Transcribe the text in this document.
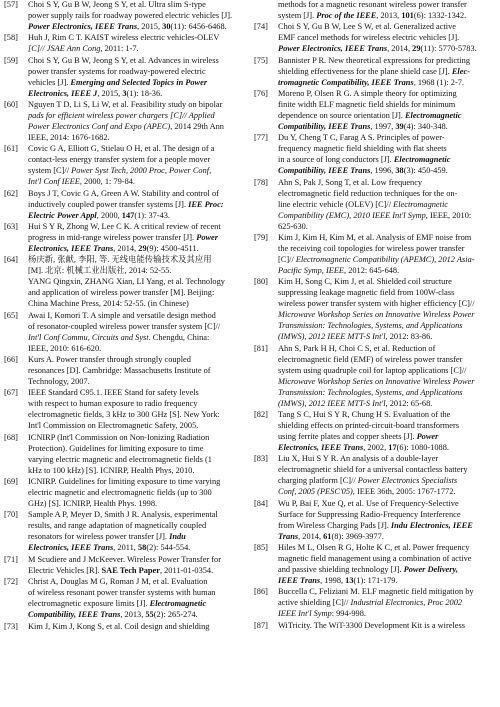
[57]	Choi S Y, Gu B W, Jeong S Y, et al. Ultra slim S-type
power supply rails for roadway powered electric vehicles [J].
Power Electronics, IEEE Trans, 2015, 30(11): 6456-6468.
[58]	Huh J, Rim C T. KAIST wireless electric vehicles-OLEV
[C]// JSAE Ann Cong, 2011: 1-7.
[59]	Choi S Y, Gu B W, Jeong S Y, et al. Advances in wireless
power transfer systems for roadway-powered electric
vehicles [J]. Emerging and Selected Topics in Power
Electronics, IEEE J, 2015, 3(1): 18-36.
[60]	Nguyen T D, Li S, Li W, et al. Feasibility study on bipolar
pads for efficient wireless power chargers [C]// Applied
Power Electronics Conf and Expo (APEC), 2014 29th Ann
IEEE, 2014: 1676-1682.
[61]	Covic G A, Elliott G, Stielau O H, et al. The design of a
contact-less energy transfer system for a people mover
system [C]// Power Syst Tech, 2000 Proc, Power Conf,
Int'l Conf IEEE, 2000, 1: 79-84.
[62]	Boys J T, Covic G A, Green A W. Stability and control of
inductively coupled power transfer systems [J]. IEE Proc:
Electric Power Appl, 2000, 147(1): 37-43.
[63]	Hui S Y R, Zhong W, Lee C K. A critical review of recent
progress in mid-range wireless power transfer [J]. Power
Electronics, IEEE Trans, 2014, 29(9): 4500-4511.
[64]	杨庆新, 张献, 李阳, 等. 无线电能传输技术及其应用
[M]. 北京: 机械工业出版社, 2014: 52-55.
YANG Qingxin, ZHANG Xian, LI Yang, et al. Technology
and application of wireless power transfer [M]. Beijing:
China Machine Press, 2014: 52-55. (in Chinese)
[65]	Awai I, Komori T. A simple and versatile design method
of resonator-coupled wireless power transfer system [C]//
Int'l Conf Commu, Circuits and Syst. Chengdu, China:
IEEE, 2010: 616-620.
[66]	Kurs A. Power transfer through strongly coupled
resonances [D]. Cambridge: Massachusetts Institute of
Technology, 2007.
[67]	IEEE Standard C95.1. IEEE Stand for safety levels
with respect to human exposure to radio frequency
electromagnetic fields, 3 kHz to 300 GHz [S]. New York:
Int'l Commission on Electromagnetic Safety, 2005.
[68]	ICNIRP (Int'l Commission on Non-Ionizing Radiation
Protection). Guidelines for limiting exposure to time
varying electric magnetic and electromagnetic fields (1
kHz to 100 kHz) [S]. ICNIRP, Health Phys, 2010.
[69]	ICNIRP. Guidelines for limiting exposure to time varying
electric magnetic and electromagnetic fields (up to 300
GHz) [S]. ICNIRP, Health Phys. 1998.
[70]	Sample A P, Meyer D, Smith J R. Analysis, experimental
results, and range adaptation of magnetically coupled
resonators for wireless power transfer [J]. Indu
Electronics, IEEE Trans, 2011, 58(2): 544-554.
[71]	M Scudiere and J McKeever. Wireless Power Transfer for
Electric Vehicles [R]. SAE Tech Paper, 2011-01-0354.
[72]	Christ A, Douglas M G, Roman J M, et al. Evaluation
of wireless resonant power transfer systems with human
electromagnetic exposure limits [J]. Electromagnetic
Compatibility, IEEE Trans, 2013, 55(2): 265-274.
[73]	Kim J, Kim J, Kong S, et al. Coil design and shielding
methods for a magnetic resonant wireless power transfer
system [J]. Proc of the IEEE, 2013, 101(6): 1332-1342.
[74]	Choi S Y, Gu B W, Lee S W, et al. Generalized active
EMF cancel methods for wireless electric vehicles [J].
Power Electronics, IEEE Trans, 2014, 29(11): 5770-5783.
[75]	Bannister P R. New theoretical expressions for predicting
shielding effectiveness for the plane shield case [J]. Elec-
tromagnetic Compatibility, IEEE Trans, 1968 (1): 2-7.
[76]	Moreno P, Olsen R G. A simple theory for optimizing
finite width ELF magnetic field shields for minimum
dependence on source orientation [J]. Electromagnetic
Compatibility, IEEE Trans, 1997, 39(4): 340-348.
[77]	Du Y, Cheng T C, Farag A S. Principles of power-
frequency magnetic field shielding with flat sheets
in a source of long conductors [J]. Electromagnetic
Compatibility, IEEE Trans, 1996, 38(3): 450-459.
[78]	Ahn S, Pak J, Song T, et al. Low frequency
electromagnetic field reduction techniques for the on-
line electric vehicle (OLEV) [C]// Electromagnetic
Compatibility (EMC), 2010 IEEE Int'l Symp, IEEE, 2010:
625-630.
[79]	Kim J, Kim H, Kim M, et al. Analysis of EMF noise from
the receiving coil topologies for wireless power transfer
[C]// Electromagnetic Compatibility (APEMC), 2012 Asia-
Pacific Symp, IEEE, 2012: 645-648.
[80]	Kim H, Song C, Kim J, et al. Shielded coil structure
suppressing leakage magnetic field from 100W-class
wireless power transfer system with higher efficiency [C]//
Microwave Workshop Series on Innovative Wireless Power
Transmission: Technologies, Systems, and Applications
(IMWS), 2012 IEEE MTT-S Int'l, 2012: 83-86.
[81]	Ahn S, Park H H, Choi C S, et al. Reduction of
electromagnetic field (EMF) of wireless power transfer
system using quadruple coil for laptop applications [C]//
Microwave Workshop Series on Innovative Wireless Power
Transmission: Technologies, Systems, and Applications
(IMWS), 2012 IEEE MTT-S Int'l, 2012: 65-68.
[82]	Tang S C, Hui S Y R, Chung H S. Evaluation of the
shielding effects on printed-circuit-board transformers
using ferrite plates and copper sheets [J]. Power
Electronics, IEEE Trans, 2002, 17(6): 1080-1088.
[83]	Liu X, Hui S Y R. An analysis of a double-layer
electromagnetic shield for a universal contactless battery
charging platform [C]// Power Electronics Specialists
Conf, 2005 (PESC'05), IEEE 36th, 2005: 1767-1772.
[84]	Wu P, Bai F, Xue Q, et al. Use of Frequency-Selective
Surface for Suppressing Radio-Frequency Interference
from Wireless Charging Pads [J]. Indu Electronics, IEEE
Trans, 2014, 61(8): 3969-3977.
[85]	Hiles M L, Olsen R G, Holte K C, et al. Power frequency
magnetic field management using a combination of active
and passive shielding technology [J]. Power Delivery,
IEEE Trans, 1998, 13(1): 171-179.
[86]	Buccella C, Feliziani M. ELF magnetic field mitigation by
active shielding [C]// Industrial Electronics, Proc 2002
IEEE Int'l Symp: 994-998.
[87]	WiTricity. The WiT-3300 Development Kit is a wireless
